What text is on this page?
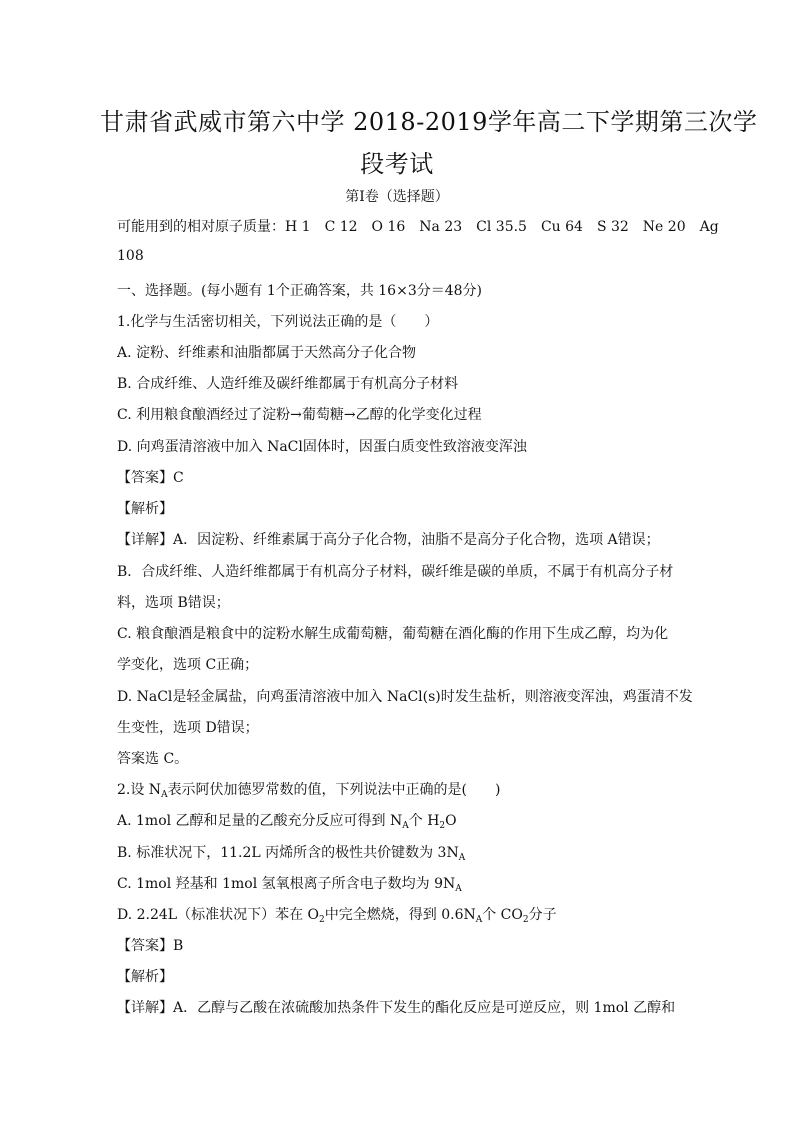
甘肃省武威市第六中学 2018-2019学年高二下学期第三次学
段考试
第Ⅰ卷（选择题）
可能用到的相对原子质量：H 1　C 12　O 16　Na 23　Cl 35.5　Cu 64　S 32　Ne 20　Ag
108
一、选择题。(每小题有 1个正确答案，共 16×3分＝48分)
1.化学与生活密切相关，下列说法正确的是（　　）
A. 淀粉、纤维素和油脂都属于天然高分子化合物
B. 合成纤维、人造纤维及碳纤维都属于有机高分子材料
C. 利用粮食酿酒经过了淀粉→葡萄糖→乙醇的化学变化过程
D. 向鸡蛋清溶液中加入 NaCl固体时，因蛋白质变性致溶液变浑浊
【答案】C
【解析】
【详解】A．因淀粉、纤维素属于高分子化合物，油脂不是高分子化合物，选项 A错误；
B．合成纤维、人造纤维都属于有机高分子材料，碳纤维是碳的单质，不属于有机高分子材
料，选项 B错误；
C. 粮食酿酒是粮食中的淀粉水解生成葡萄糖，葡萄糖在酒化酶的作用下生成乙醇，均为化
学变化，选项 C正确；
D. NaCl是轻金属盐，向鸡蛋清溶液中加入 NaCl(s)时发生盐析，则溶液变浑浊，鸡蛋清不发
生变性，选项 D错误；
答案选 C。
2.设 $N_A$表示阿伏加德罗常数的值，下列说法中正确的是(　　)
A. 1mol 乙醇和足量的乙酸充分反应可得到 $N_A$个 $H_2O$
B. 标准状况下，11.2L 丙烯所含的极性共价键数为 $3N_A$
C. 1mol 羟基和 1mol 氢氧根离子所含电子数均为 $9N_A$
D. 2.24L（标准状况下）苯在 $O_2$中完全燃烧，得到 $0.6N_A$个 $CO_2$分子
【答案】B
【解析】
【详解】A．乙醇与乙酸在浓硫酸加热条件下发生的酯化反应是可逆反应，则 1mol 乙醇和
